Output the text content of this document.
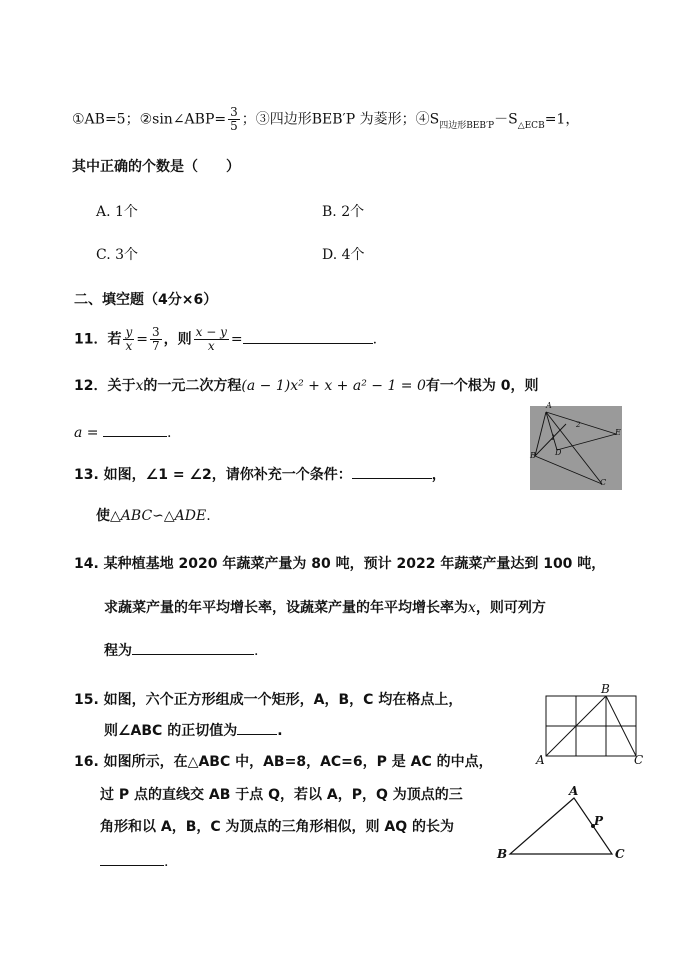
①AB=5；②sin∠ABP= $\frac{3}{5}$ ；③四边形BEB′P 为菱形；$④S_{四边形BEB'P}-S_{\triangle ECB}=1$，
其中正确的个数是（　　）
A. 1个	B. 2个
C. 3个	D. 4个
二、填空题（4分×6）
11．若 $\frac{y}{x} = \frac{3}{7}$ ，则 $\frac{x - y}{x}$ =	.
12．关于x的一元二次方程(a − 1)x² + x + a² − 1 = 0有一个根为 0，则
a =	.
A
E
B D
C
1
2
13. 如图，∠1 = ∠2，请你补充一个条件：	，
使△ABC∽△ADE.
14. 某种植基地 2020 年蔬菜产量为 80 吨，预计 2022 年蔬菜产量达到 100 吨，
求蔬菜产量的年平均增长率，设蔬菜产量的年平均增长率为x，则可列方
程为	.
B
A	C
15. 如图，六个正方形组成一个矩形，A，B，C 均在格点上，
则∠ABC 的正切值为	.
16. 如图所示，在△ABC 中，AB=8，AC=6，P 是 AC 的中点，
过 P 点的直线交 AB 于点 Q，若以 A，P，Q 为顶点的三
角形和以 A，B，C 为顶点的三角形相似，则 AQ 的长为
.
A
P
B	C
